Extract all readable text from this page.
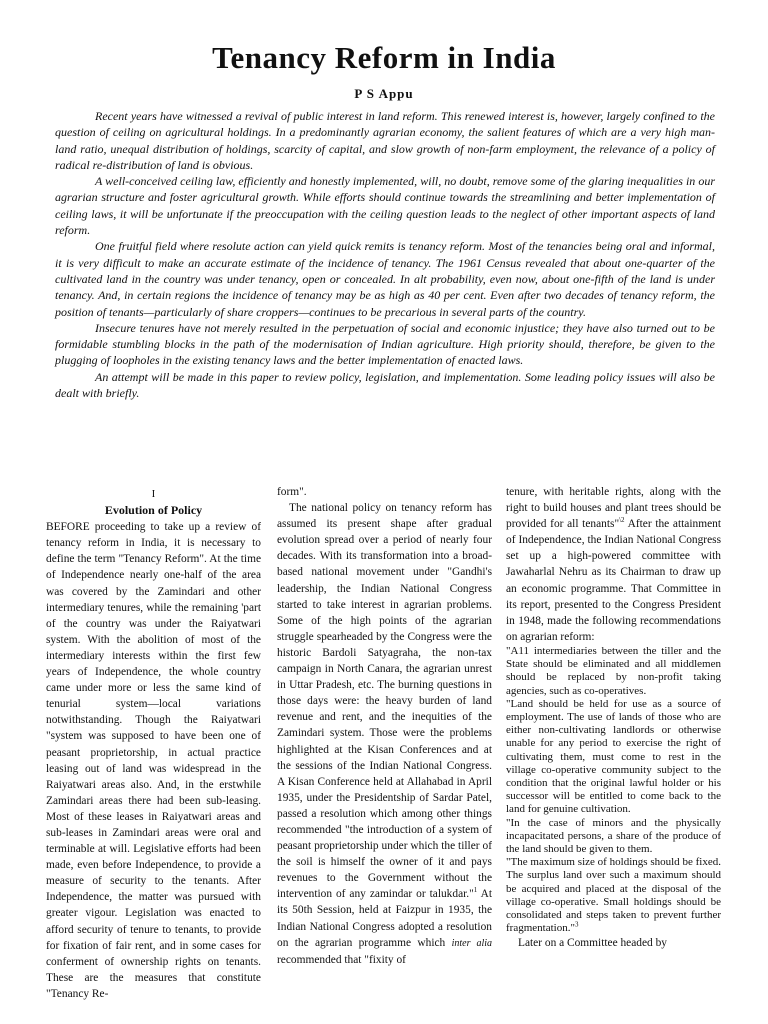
Tenancy Reform in India
P S Appu

Recent years have witnessed a revival of public interest in land reform. This renewed interest is, however, largely confined to the question of ceiling on agricultural holdings. In a predominantly agrarian economy, the salient features of which are a very high man-land ratio, unequal distribution of holdings, scarcity of capital, and slow growth of non-farm employment, the relevance of a policy of radical re-distribution of land is obvious.

A well-conceived ceiling law, efficiently and honestly implemented, will, no doubt, remove some of the glaring inequalities in our agrarian structure and foster agricultural growth. While efforts should continue towards the streamlining and better implementation of ceiling laws, it will be unfortunate if the preoccupation with the ceiling question leads to the neglect of other important aspects of land reform.

One fruitful field where resolute action can yield quick remits is tenancy reform. Most of the tenancies being oral and informal, it is very difficult to make an accurate estimate of the incidence of tenancy. The 1961 Census revealed that about one-quarter of the cultivated land in the country was under tenancy, open or concealed. In alt probability, even now, about one-fifth of the land is under tenancy. And, in certain regions the incidence of tenancy may be as high as 40 per cent. Even after two decades of tenancy reform, the position of tenants—particularly of share croppers—continues to be precarious in several parts of the country.

Insecure tenures have not merely resulted in the perpetuation of social and economic injustice; they have also turned out to be formidable stumbling blocks in the path of the modernisation of Indian agriculture. High priority should, therefore, be given to the plugging of loopholes in the existing tenancy laws and the better implementation of enacted laws.

An attempt will be made in this paper to review policy, legislation, and implementation. Some leading policy issues will also be dealt with briefly.

I
Evolution of Policy

BEFORE proceeding to take up a review of tenancy reform in India, it is necessary to define the term "Tenancy Reform". At the time of Independence nearly one-half of the area was covered by the Zamindari and other intermediary tenures, while the remaining 'part of the country was under the Raiyatwari system. With the abolition of most of the intermediary interests within the first few years of Independence, the whole country came under more or less the same kind of tenurial system—local variations notwithstanding. Though the Raiyatwari "system was supposed to have been one of peasant proprietorship, in actual practice leasing out of land was widespread in the Raiyatwari areas also. And, in the erstwhile Zamindari areas there had been sub-leasing. Most of these leases in Raiyatwari areas and sub-leases in Zamindari areas were oral and terminable at will. Legislative efforts had been made, even before Independence, to provide a measure of security to the tenants. After Independence, the matter was pursued with greater vigour. Legislation was enacted to afford security of tenure to tenants, to provide for fixation of fair rent, and in some cases for conferment of ownership rights on tenants. These are the measures that constitute "Tenancy Re-

form".

The national policy on tenancy reform has assumed its present shape after gradual evolution spread over a period of nearly four decades. With its transformation into a broad-based national movement under "Gandhi's leadership, the Indian National Congress started to take interest in agrarian problems. Some of the high points of the agrarian struggle spearheaded by the Congress were the historic Bardoli Satyagraha, the non-tax campaign in North Canara, the agrarian unrest in Uttar Pradesh, etc. The burning questions in those days were: the heavy burden of land revenue and rent, and the inequities of the Zamindari system. Those were the problems highlighted at the Kisan Conferences and at the sessions of the Indian National Congress. A Kisan Conference held at Allahabad in April 1935, under the Presidentship of Sardar Patel, passed a resolution which among other things recommended "the introduction of a system of peasant proprietorship under which the tiller of the soil is himself the owner of it and pays revenues to the Government without the intervention of any zamindar or talukdar."$^1$ At its 50th Session, held at Faizpur in 1935, the Indian National Congress adopted a resolution on the agrarian programme which inter alia recommended that "fixity of

tenure, with heritable rights, along with the right to build houses and plant trees should be provided for all tenants"$^{\backslash 2}$ After the attainment of Independence, the Indian National Congress set up a high-powered committee with Jawaharlal Nehru as its Chairman to draw up an economic programme. That Committee in its report, presented to the Congress President in 1948, made the following recommendations on agrarian reform:

"A11 intermediaries between the tiller and the State should be eliminated and all middlemen should be replaced by non-profit taking agencies, such as co-operatives.

"Land should be held for use as a source of employment. The use of lands of those who are either non-cultivating landlords or otherwise unable for any period to exercise the right of cultivating them, must come to rest in the village co-operative community subject to the condition that the original lawful holder or his successor will be entitled to come back to the land for genuine cultivation.

"In the case of minors and the physically incapacitated persons, a share of the produce of the land should be given to them.

"The maximum size of holdings should be fixed. The surplus land over such a maximum should be acquired and placed at the disposal of the village co-operative. Small holdings should be consolidated and steps taken to prevent further fragmentation."$^3$

Later on a Committee headed by
